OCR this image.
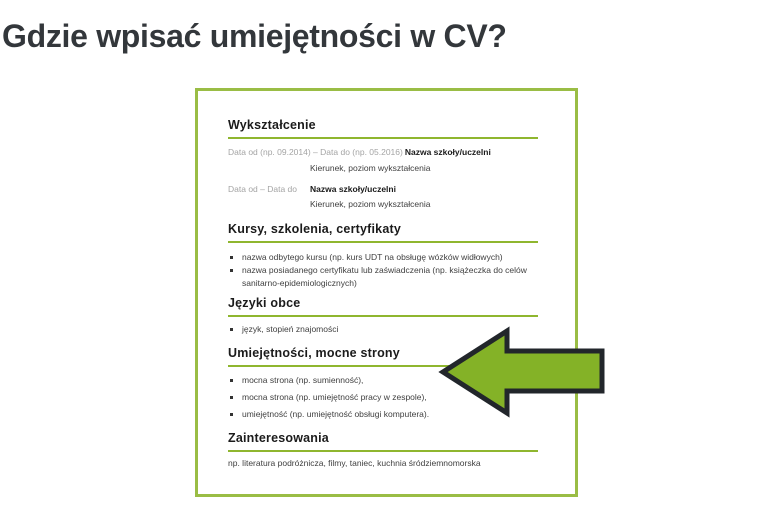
Gdzie wpisać umiejętności w CV?
Wykształcenie
Data od (np. 09.2014) – Data do (np. 05.2016) Nazwa szkoły/uczelni
Kierunek, poziom wykształcenia
Data od – Data do Nazwa szkoły/uczelni
Kierunek, poziom wykształcenia
Kursy, szkolenia, certyfikaty
nazwa odbytego kursu (np. kurs UDT na obsługę wózków widłowych)
nazwa posiadanego certyfikatu lub zaświadczenia (np. książeczka do celów sanitarno-epidemiologicznych)
Języki obce
język, stopień znajomości
Umiejętności, mocne strony
mocna strona (np. sumienność),
mocna strona (np. umiejętność pracy w zespole),
umiejętność (np. umiejętność obsługi komputera).
Zainteresowania
np. literatura podróżnicza, filmy, taniec, kuchnia śródziemnomorska
